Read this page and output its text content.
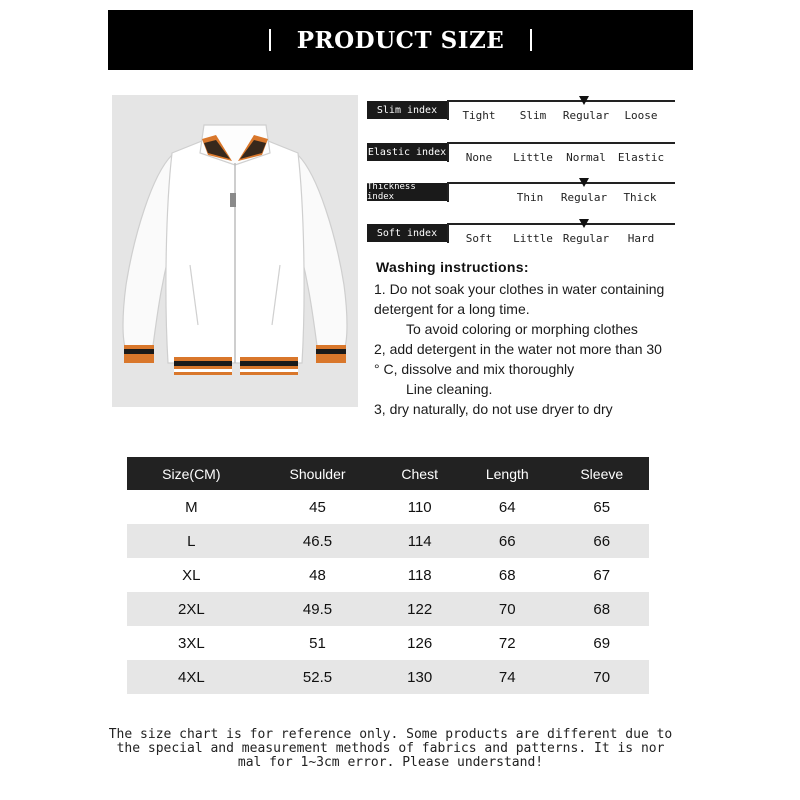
PRODUCT SIZE
Slim index	Tight Slim Regular Loose
Elastic index None Little Normal Elastic
Thickness index	Thin Regular Thick
Soft index	Soft Little Regular Hard
Washing instructions:

1. Do not soak your clothes in water containing

detergent for a long time.

To avoid coloring or morphing clothes

2, add detergent in the water not more than 30

° C, dissolve and mix thoroughly

Line cleaning.

3, dry naturally, do not use dryer to dry

Size(CM)	Shoulder	Chest	Length	Sleeve
M	45	110	64	65
L	46.5	114	66	66
XL	48	118	68	67
2XL	49.5	122	70	68
3XL	51	126	72	69
4XL	52.5	130	74	70
The size chart is for reference only. Some products are different due to
the special and measurement methods of fabrics and patterns. It is nor
mal for 1~3cm error. Please understand!
